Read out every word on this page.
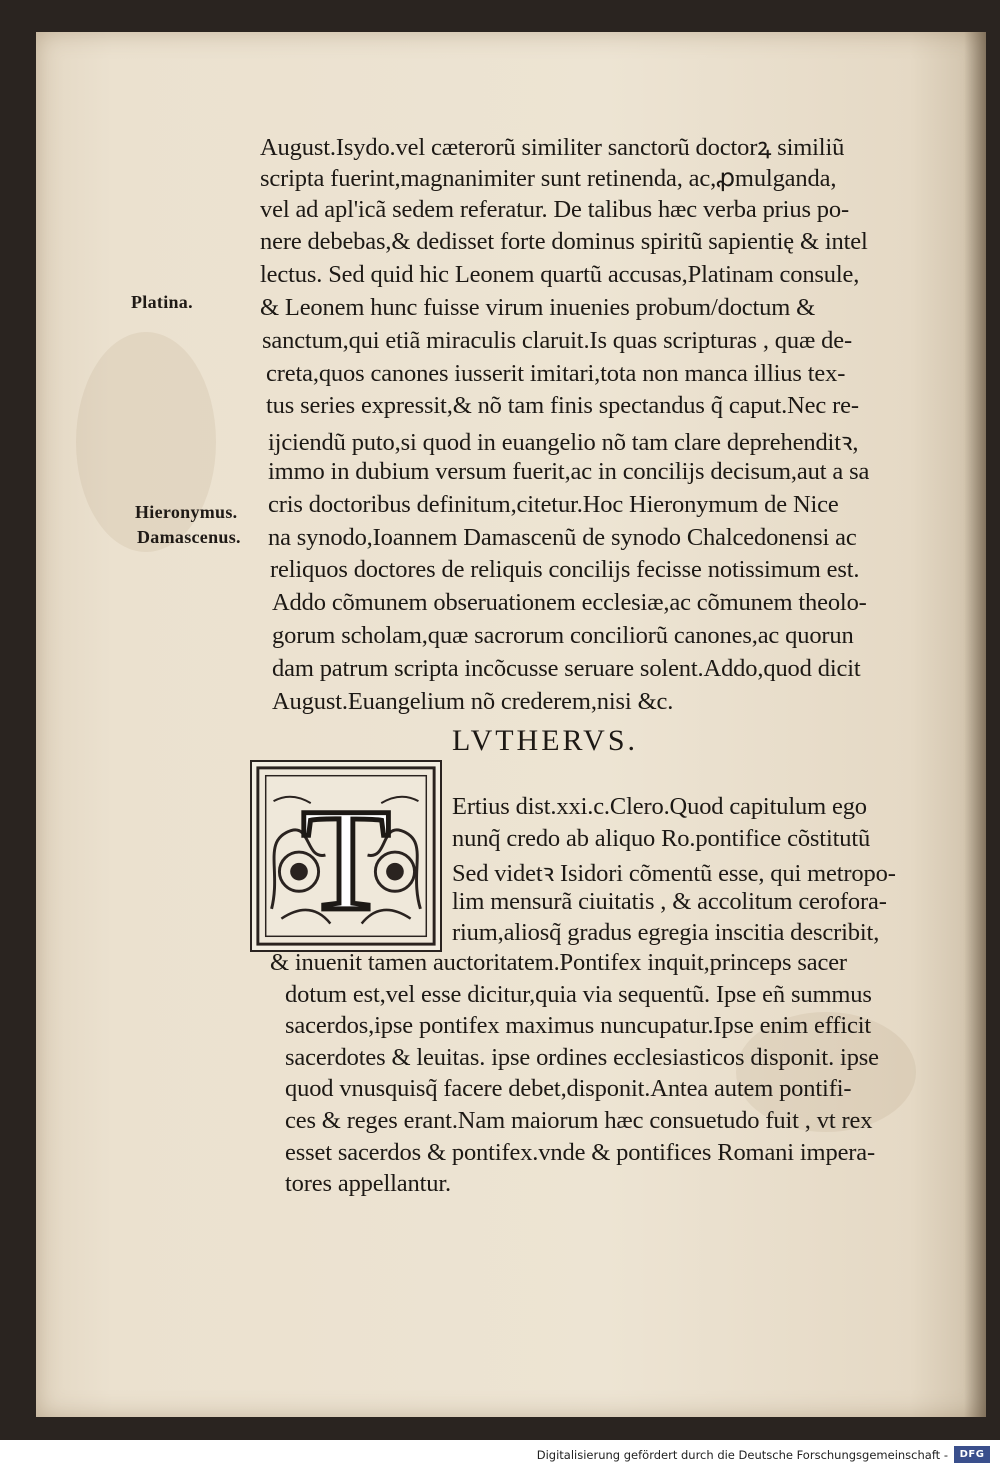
Platina.
Hieronymus.
Damascenus.
August.Isydo.vel cæterorũ similiter sanctorũ doctorꝝ similiũ
scripta fuerint,magnanimiter sunt retinenda, ac,ꝓmulganda,
vel ad apl'icã sedem referatur. De talibus hæc verba prius po-
nere debebas,& dedisset forte dominus spiritũ sapientię & intel
lectus. Sed quid hic Leonem quartũ accusas,Platinam consule,
& Leonem hunc fuisse virum inuenies probum/doctum &
sanctum,qui etiã miraculis claruit.Is quas scripturas , quæ de-
creta,quos canones iusserit imitari,tota non manca illius tex-
tus series expressit,& nõ tam finis spectandus q̃ caput.Nec re-
ijciendũ puto,si quod in euangelio nõ tam clare deprehenditꝛ,
immo in dubium versum fuerit,ac in concilijs decisum,aut a sa
cris doctoribus definitum,citetur.Hoc Hieronymum de Nice
na synodo,Ioannem Damascenũ de synodo Chalcedonensi ac
reliquos doctores de reliquis concilijs fecisse notissimum est.
Addo cõmunem obseruationem ecclesiæ,ac cõmunem theolo-
gorum scholam,quæ sacrorum conciliorũ canones,ac quorun
dam patrum scripta incõcusse seruare solent.Addo,quod dicit
August.Euangelium nõ crederem,nisi &c.
LVTHERVS.
T	Ertius dist.xxi.c.Clero.Quod capitulum ego
nunq̃ credo ab aliquo Ro.pontifice cõstitutũ
Sed videtꝛ Isidori cõmentũ esse, qui metropo-
lim mensurã ciuitatis , & accolitum cerofora-
rium,aliosq̃ gradus egregia inscitia describit,
& inuenit tamen auctoritatem.Pontifex inquit,princeps sacer
dotum est,vel esse dicitur,quia via sequentũ. Ipse eñ summus
sacerdos,ipse pontifex maximus nuncupatur.Ipse enim efficit
sacerdotes & leuitas. ipse ordines ecclesiasticos disponit. ipse
quod vnusquisq̃ facere debet,disponit.Antea autem pontifi-
ces & reges erant.Nam maiorum hæc consuetudo fuit , vt rex
esset sacerdos & pontifex.vnde & pontifices Romani impera-
tores appellantur.
Digitalisierung gefördert durch die Deutsche Forschungsgemeinschaft -	DFG
